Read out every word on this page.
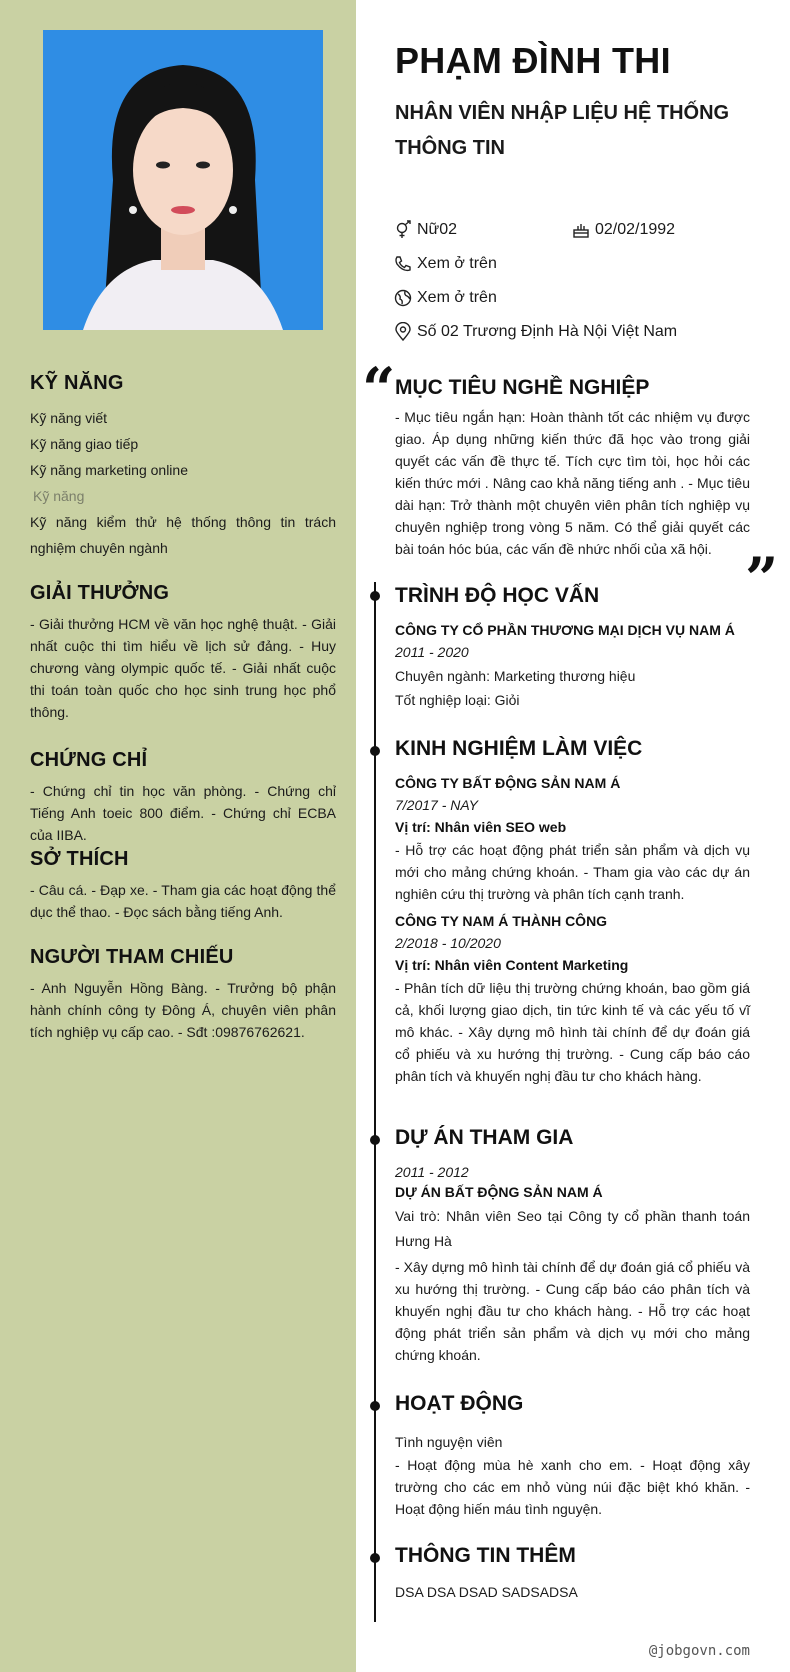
KỸ NĂNG
Kỹ năng viết
Kỹ năng giao tiếp
Kỹ năng marketing online
Kỹ năng
Kỹ năng kiểm thử hệ thống thông tin trách nghiệm chuyên ngành
GIẢI THƯỞNG
- Giải thưởng HCM về văn học nghệ thuật. - Giải nhất cuộc thi tìm hiểu về lịch sử đảng. - Huy chương vàng olympic quốc tế. - Giải nhất cuộc thi toán toàn quốc cho học sinh trung học phổ thông.
CHỨNG CHỈ
- Chứng chỉ tin học văn phòng. - Chứng chỉ Tiếng Anh toeic 800 điểm. - Chứng chỉ ECBA của IIBA.
SỞ THÍCH
- Câu cá. - Đạp xe. - Tham gia các hoạt động thể dục thể thao. - Đọc sách bằng tiếng Anh.
NGƯỜI THAM CHIẾU
- Anh Nguyễn Hồng Bàng. - Trưởng bộ phận hành chính công ty Đông Á, chuyên viên phân tích nghiệp vụ cấp cao. - Sđt :09876762621.
PHẠM ĐÌNH THI
NHÂN VIÊN NHẬP LIỆU HỆ THỐNG THÔNG TIN
Nữ02	02/02/1992
Xem ở trên
Xem ở trên
Số 02 Trương Định Hà Nội Việt Nam
“
”
MỤC TIÊU NGHỀ NGHIỆP
- Mục tiêu ngắn hạn: Hoàn thành tốt các nhiệm vụ được giao. Áp dụng những kiến thức đã học vào trong giải quyết các vấn đề thực tế. Tích cực tìm tòi, học hỏi các kiến thức mới . Nâng cao khả năng tiếng anh . - Mục tiêu dài hạn: Trở thành một chuyên viên phân tích nghiệp vụ chuyên nghiệp trong vòng 5 năm. Có thể giải quyết các bài toán hóc búa, các vấn đề nhức nhối của xã hội.
TRÌNH ĐỘ HỌC VẤN
CÔNG TY CỔ PHẦN THƯƠNG MẠI DỊCH VỤ NAM Á
2011 - 2020
Chuyên ngành: Marketing thương hiệu
Tốt nghiệp loại: Giỏi
KINH NGHIỆM LÀM VIỆC
CÔNG TY BẤT ĐỘNG SẢN NAM Á
7/2017 - NAY
Vị trí: Nhân viên SEO web
- Hỗ trợ các hoạt động phát triển sản phẩm và dịch vụ mới cho mảng chứng khoán. - Tham gia vào các dự án nghiên cứu thị trường và phân tích cạnh tranh.
CÔNG TY NAM Á THÀNH CÔNG
2/2018 - 10/2020
Vị trí: Nhân viên Content Marketing
- Phân tích dữ liệu thị trường chứng khoán, bao gồm giá cả, khối lượng giao dịch, tin tức kinh tế và các yếu tố vĩ mô khác. - Xây dựng mô hình tài chính để dự đoán giá cổ phiếu và xu hướng thị trường. - Cung cấp báo cáo phân tích và khuyến nghị đầu tư cho khách hàng.
DỰ ÁN THAM GIA
2011 - 2012
DỰ ÁN BẤT ĐỘNG SẢN NAM Á
Vai trò: Nhân viên Seo tại Công ty cổ phần thanh toán Hưng Hà
- Xây dựng mô hình tài chính để dự đoán giá cổ phiếu và xu hướng thị trường. - Cung cấp báo cáo phân tích và khuyến nghị đầu tư cho khách hàng. - Hỗ trợ các hoạt động phát triển sản phẩm và dịch vụ mới cho mảng chứng khoán.
HOẠT ĐỘNG
Tình nguyện viên
- Hoạt động mùa hè xanh cho em. - Hoạt động xây trường cho các em nhỏ vùng núi đặc biệt khó khăn. - Hoạt động hiến máu tình nguyện.
THÔNG TIN THÊM
DSA DSA DSAD SADSADSA
@jobgovn.com
